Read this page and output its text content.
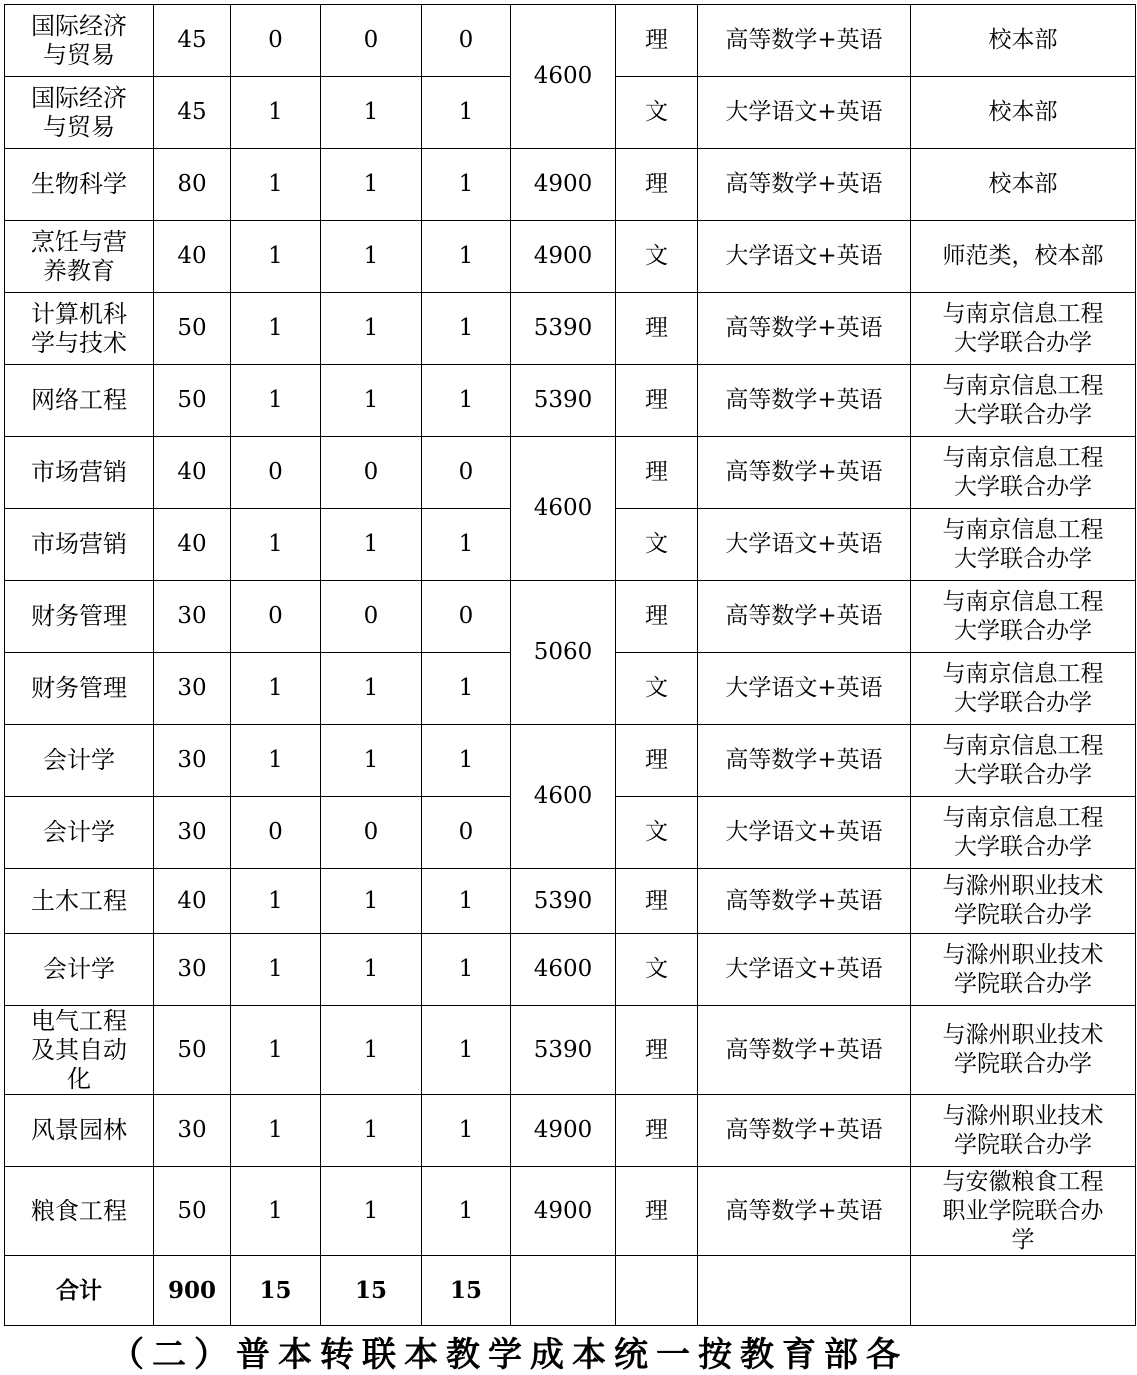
国际经济
与贸易	45	0	0	0	4600	理	高等数学+英语	校本部
国际经济
与贸易	45	1	1	1		文	大学语文+英语	校本部
生物科学	80	1	1	1	4900	理	高等数学+英语	校本部
烹饪与营
养教育	40	1	1	1	4900	文	大学语文+英语	师范类，校本部
计算机科
学与技术	50	1	1	1	5390	理	高等数学+英语	与南京信息工程
大学联合办学
网络工程	50	1	1	1	5390	理	高等数学+英语	与南京信息工程
大学联合办学
市场营销	40	0	0	0	4600	理	高等数学+英语	与南京信息工程
大学联合办学
市场营销	40	1	1	1		文	大学语文+英语	与南京信息工程
大学联合办学
财务管理	30	0	0	0	5060	理	高等数学+英语	与南京信息工程
大学联合办学
财务管理	30	1	1	1		文	大学语文+英语	与南京信息工程
大学联合办学
会计学	30	1	1	1	4600	理	高等数学+英语	与南京信息工程
大学联合办学
会计学	30	0	0	0		文	大学语文+英语	与南京信息工程
大学联合办学
土木工程	40	1	1	1	5390	理	高等数学+英语	与滁州职业技术
学院联合办学
会计学	30	1	1	1	4600	文	大学语文+英语	与滁州职业技术
学院联合办学
电气工程
及其自动
化	50	1	1	1	5390	理	高等数学+英语	与滁州职业技术
学院联合办学
风景园林	30	1	1	1	4900	理	高等数学+英语	与滁州职业技术
学院联合办学
粮食工程	50	1	1	1	4900	理	高等数学+英语	与安徽粮食工程
职业学院联合办
学
合计	900	15	15	15				
（二）普本转联本教学成本统一按教育部各
